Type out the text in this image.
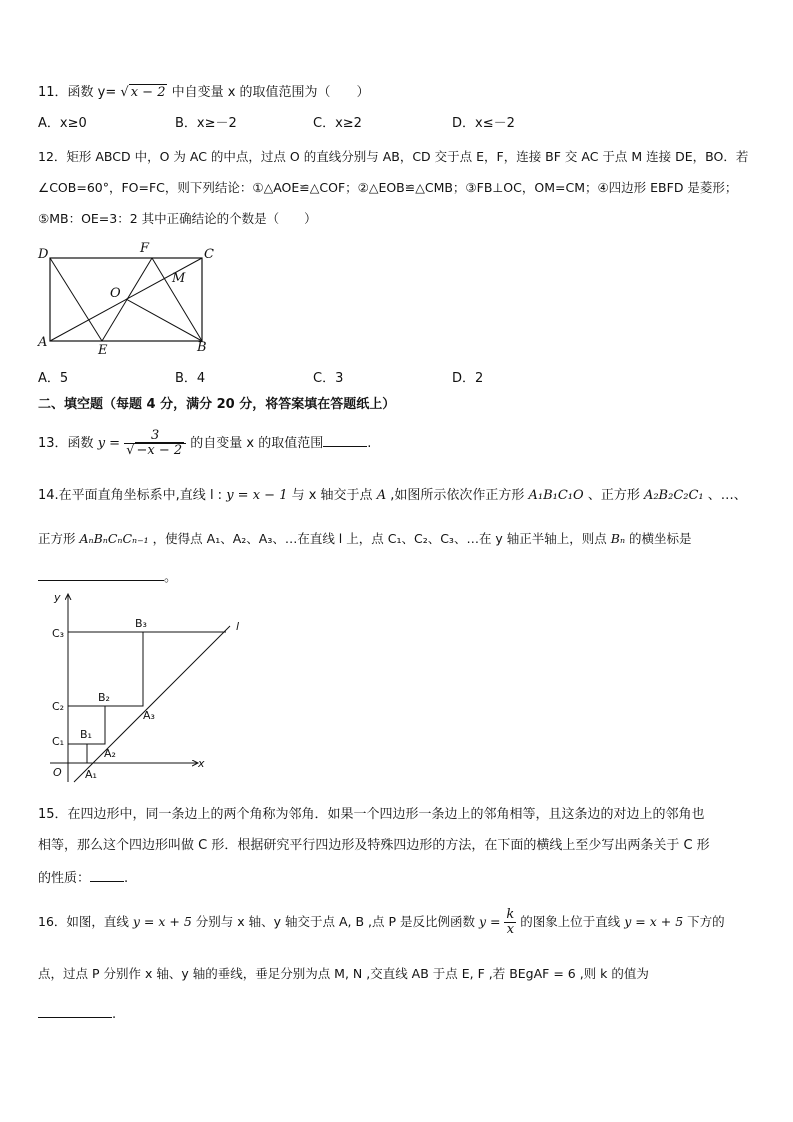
11．函数 y= √ x − 2 中自变量 x 的取值范围为（　　）
A．x≥0	B．x≥－2	C．x≥2	D．x≤－2
12．矩形 ABCD 中，O 为 AC 的中点，过点 O 的直线分别与 AB，CD 交于点 E，F，连接 BF 交 AC 于点 M 连接 DE，BO．若
∠COB=60°，FO=FC，则下列结论：①△AOE≌△COF；②△EOB≌△CMB；③FB⊥OC，OM=CM；④四边形 EBFD 是菱形；
⑤MB：OE=3：2 其中正确结论的个数是（　　）
D	F	C
O
M
A
E	B
A．5	B．4	C．3	D．2
二、填空题（每题 4 分，满分 20 分，将答案填在答题纸上）
13．函数 $y = \frac{3}{√ -x - 2}$ 的自变量 x 的取值范围	.
14.在平面直角坐标系中,直线 l : y = x − 1 与 x 轴交于点 A ,如图所示依次作正方形 A₁B₁C₁O 、正方形 A₂B₂C₂C₁ 、…、
正方形 AₙBₙCₙCₙ₋₁ ，使得点 A₁、A₂、A₃、…在直线 l 上，点 C₁、C₂、C₃、…在 y 轴正半轴上，则点 Bₙ 的横坐标是
。
y
x
l
O
C₃
C₂
C₁
B₃
B₂
B₁
A₃
A₂
A₁
15．在四边形中，同一条边上的两个角称为邻角．如果一个四边形一条边上的邻角相等，且这条边的对边上的邻角也
相等，那么这个四边形叫做 C 形．根据研究平行四边形及特殊四边形的方法，在下面的横线上至少写出两条关于 C 形
的性质：	.
16．如图，直线 y = x + 5 分别与 x 轴、y 轴交于点 A, B ,点 P 是反比例函数 $y = \frac{k}{x}$ 的图象上位于直线 y = x + 5 下方的
点，过点 P 分别作 x 轴、y 轴的垂线，垂足分别为点 M, N ,交直线 AB 于点 E, F ,若 BEgAF = 6 ,则 k 的值为
.
